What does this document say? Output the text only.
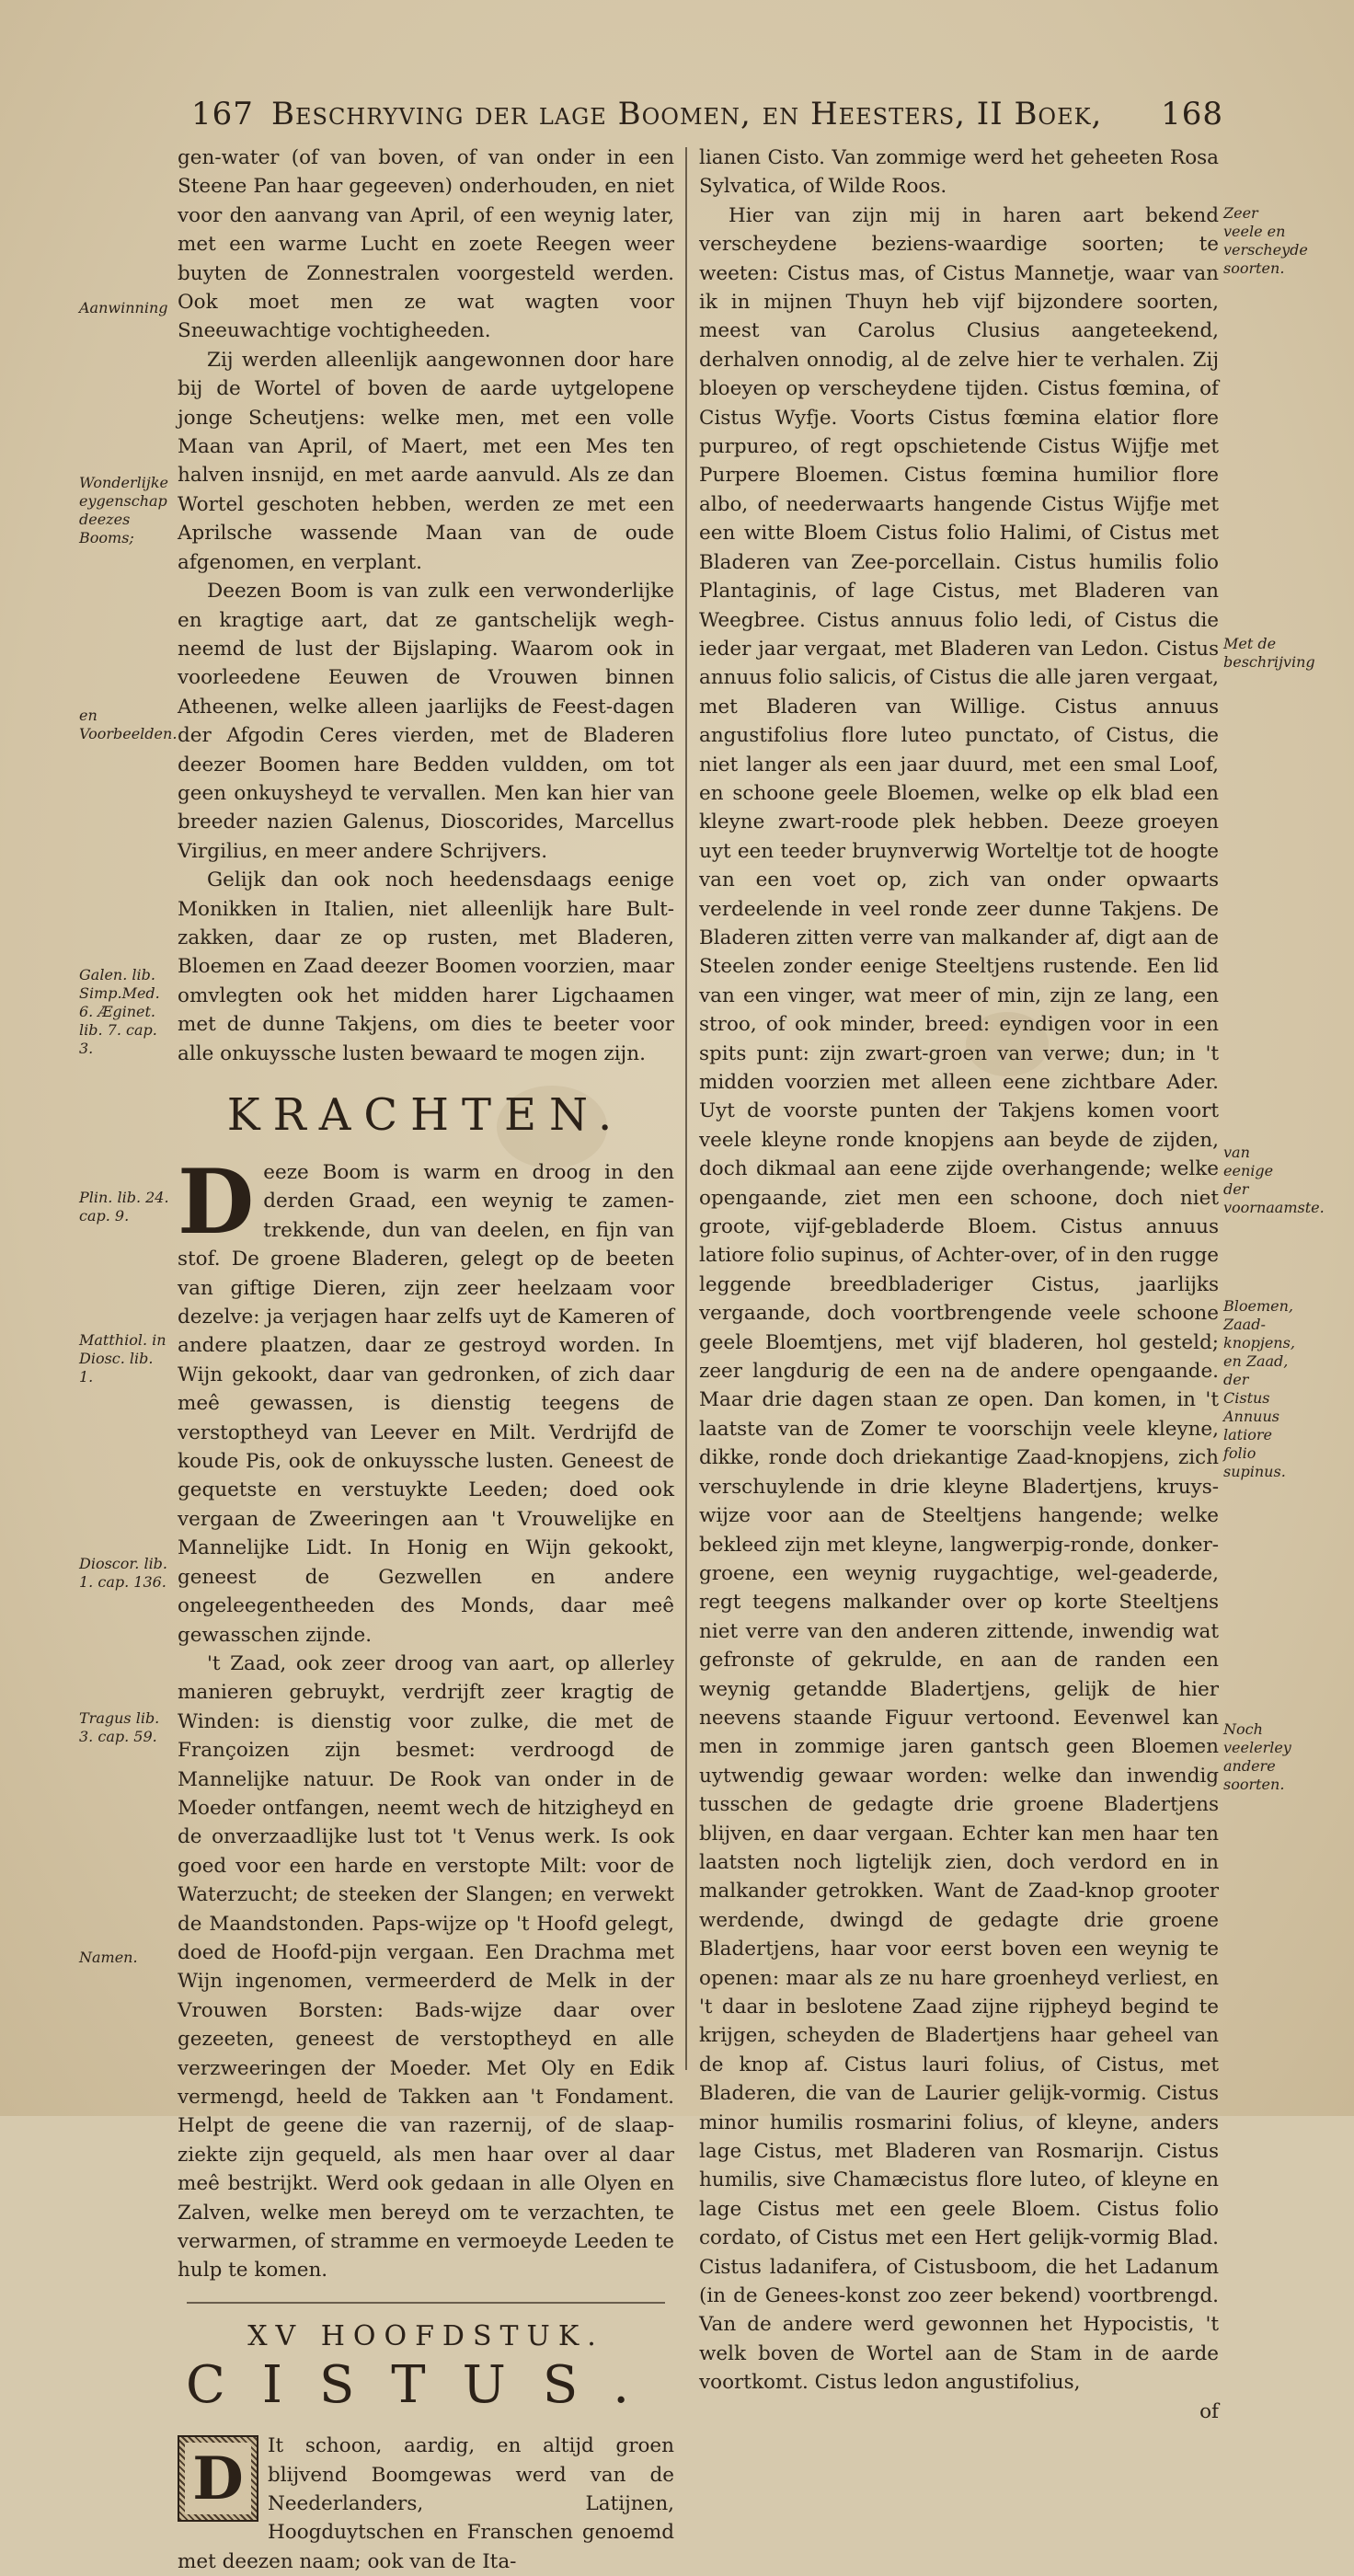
167 Beschryving der lage Boomen, en Heesters, II Boek, 168
Aanwinning
Wonderlijke eygenschap deezes Booms;
en Voorbeelden.
Galen. lib. Simp.Med. 6. Æginet. lib. 7. cap. 3.
Plin. lib. 24. cap. 9.
Matthiol. in Diosc. lib. 1.
Dioscor. lib. 1. cap. 136.
Tragus lib. 3. cap. 59.
Namen.
Zeer veele en verscheyde soorten.
Met de beschrijving
van eenige der voornaamste.
Bloemen, Zaad-knopjens, en Zaad, der Cistus Annuus latiore folio supinus.
Noch veelerley andere soorten.

gen-water (of van boven, of van onder in een Steene Pan haar gegeeven) onderhouden, en niet voor den aanvang van April, of een weynig later, met een warme Lucht en zoete Reegen weer buyten de Zonnestralen voorgesteld werden. Ook moet men ze wat wagten voor Sneeuwachtige vochtigheeden.

Zij werden alleenlijk aangewonnen door hare bij de Wortel of boven de aarde uytgelopene jonge Scheutjens: welke men, met een volle Maan van April, of Maert, met een Mes ten halven insnijd, en met aarde aanvuld. Als ze dan Wortel geschoten hebben, werden ze met een Aprilsche wassende Maan van de oude afgenomen, en verplant.

Deezen Boom is van zulk een verwonderlijke en kragtige aart, dat ze gantschelijk wegh-neemd de lust der Bijslaping. Waarom ook in voorleedene Eeuwen de Vrouwen binnen Atheenen, welke alleen jaarlijks de Feest-dagen der Afgodin Ceres vierden, met de Bladeren deezer Boomen hare Bedden vuldden, om tot geen onkuysheyd te vervallen. Men kan hier van breeder nazien Galenus, Dioscorides, Marcellus Virgilius, en meer andere Schrijvers.

Gelijk dan ook noch heedensdaags eenige Monikken in Italien, niet alleenlijk hare Bult-zakken, daar ze op rusten, met Bladeren, Bloemen en Zaad deezer Boomen voorzien, maar omvlegten ook het midden harer Ligchaamen met de dunne Takjens, om dies te beeter voor alle onkuyssche lusten bewaard te mogen zijn.

KRACHTEN.

D eeze Boom is warm en droog in den derden Graad, een weynig te zamen-trekkende, dun van deelen, en fijn van stof. De groene Bladeren, gelegt op de beeten van giftige Dieren, zijn zeer heelzaam voor dezelve: ja verjagen haar zelfs uyt de Kameren of andere plaatzen, daar ze gestroyd worden. In Wijn gekookt, daar van gedronken, of zich daar meê gewassen, is dienstig teegens de verstoptheyd van Leever en Milt. Verdrijfd de koude Pis, ook de onkuyssche lusten. Geneest de gequetste en verstuykte Leeden; doed ook vergaan de Zweeringen aan 't Vrouwelijke en Mannelijke Lidt. In Honig en Wijn gekookt, geneest de Gezwellen en andere ongeleegentheeden des Monds, daar meê gewasschen zijnde.

't Zaad, ook zeer droog van aart, op allerley manieren gebruykt, verdrijft zeer kragtig de Winden: is dienstig voor zulke, die met de Françoizen zijn besmet: verdroogd de Mannelijke natuur. De Rook van onder in de Moeder ontfangen, neemt wech de hitzigheyd en de onverzaadlijke lust tot 't Venus werk. Is ook goed voor een harde en verstopte Milt: voor de Waterzucht; de steeken der Slangen; en verwekt de Maandstonden. Paps-wijze op 't Hoofd gelegt, doed de Hoofd-pijn vergaan. Een Drachma met Wijn ingenomen, vermeerderd de Melk in der Vrouwen Borsten: Bads-wijze daar over gezeeten, geneest de verstoptheyd en alle verzweeringen der Moeder. Met Oly en Edik vermengd, heeld de Takken aan 't Fondament. Helpt de geene die van razernij, of de slaap-ziekte zijn gequeld, als men haar over al daar meê bestrijkt. Werd ook gedaan in alle Olyen en Zalven, welke men bereyd om te verzachten, te verwarmen, of stramme en vermoeyde Leeden te hulp te komen.

XV HOOFDSTUK.
CISTUS.

D	It schoon, aardig, en altijd groen blijvend Boomgewas werd van de Neederlanders, Latijnen, Hoogduytschen en Franschen genoemd met deezen naam; ook van de Ita-

lianen Cisto. Van zommige werd het geheeten Rosa Sylvatica, of Wilde Roos.

Hier van zijn mij in haren aart bekend verscheydene beziens-waardige soorten; te weeten: Cistus mas, of Cistus Mannetje, waar van ik in mijnen Thuyn heb vijf bijzondere soorten, meest van Carolus Clusius aangeteekend, derhalven onnodig, al de zelve hier te verhalen. Zij bloeyen op verscheydene tijden. Cistus fœmina, of Cistus Wyfje. Voorts Cistus fœmina elatior flore purpureo, of regt opschietende Cistus Wijfje met Purpere Bloemen. Cistus fœmina humilior flore albo, of neederwaarts hangende Cistus Wijfje met een witte Bloem Cistus folio Halimi, of Cistus met Bladeren van Zee-porcellain. Cistus humilis folio Plantaginis, of lage Cistus, met Bladeren van Weegbree. Cistus annuus folio ledi, of Cistus die ieder jaar vergaat, met Bladeren van Ledon. Cistus annuus folio salicis, of Cistus die alle jaren vergaat, met Bladeren van Willige. Cistus annuus angustifolius flore luteo punctato, of Cistus, die niet langer als een jaar duurd, met een smal Loof, en schoone geele Bloemen, welke op elk blad een kleyne zwart-roode plek hebben. Deeze groeyen uyt een teeder bruynverwig Worteltje tot de hoogte van een voet op, zich van onder opwaarts verdeelende in veel ronde zeer dunne Takjens. De Bladeren zitten verre van malkander af, digt aan de Steelen zonder eenige Steeltjens rustende. Een lid van een vinger, wat meer of min, zijn ze lang, een stroo, of ook minder, breed: eyndigen voor in een spits punt: zijn zwart-groen van verwe; dun; in 't midden voorzien met alleen eene zichtbare Ader. Uyt de voorste punten der Takjens komen voort veele kleyne ronde knopjens aan beyde de zijden, doch dikmaal aan eene zijde overhangende; welke opengaande, ziet men een schoone, doch niet groote, vijf-gebladerde Bloem. Cistus annuus latiore folio supinus, of Achter-over, of in den rugge leggende breedbladeriger Cistus, jaarlijks vergaande, doch voortbrengende veele schoone geele Bloemtjens, met vijf bladeren, hol gesteld; zeer langdurig de een na de andere opengaande. Maar drie dagen staan ze open. Dan komen, in 't laatste van de Zomer te voorschijn veele kleyne, dikke, ronde doch driekantige Zaad-knopjens, zich verschuylende in drie kleyne Bladertjens, kruys-wijze voor aan de Steeltjens hangende; welke bekleed zijn met kleyne, langwerpig-ronde, donker-groene, een weynig ruygachtige, wel-geaderde, regt teegens malkander over op korte Steeltjens niet verre van den anderen zittende, inwendig wat gefronste of gekrulde, en aan de randen een weynig getandde Bladertjens, gelijk de hier neevens staande Figuur vertoond. Eevenwel kan men in zommige jaren gantsch geen Bloemen uytwendig gewaar worden: welke dan inwendig tusschen de gedagte drie groene Bladertjens blijven, en daar vergaan. Echter kan men haar ten laatsten noch ligtelijk zien, doch verdord en in malkander getrokken. Want de Zaad-knop grooter werdende, dwingd de gedagte drie groene Bladertjens, haar voor eerst boven een weynig te openen: maar als ze nu hare groenheyd verliest, en 't daar in beslotene Zaad zijne rijpheyd begind te krijgen, scheyden de Bladertjens haar geheel van de knop af. Cistus lauri folius, of Cistus, met Bladeren, die van de Laurier gelijk-vormig. Cistus minor humilis rosmarini folius, of kleyne, anders lage Cistus, met Bladeren van Rosmarijn. Cistus humilis, sive Chamæcistus flore luteo, of kleyne en lage Cistus met een geele Bloem. Cistus folio cordato, of Cistus met een Hert gelijk-vormig Blad. Cistus ladanifera, of Cistusboom, die het Ladanum (in de Genees-konst zoo zeer bekend) voortbrengd. Van de andere werd gewonnen het Hypocistis, 't welk boven de Wortel aan de Stam in de aarde voortkomt. Cistus ledon angustifolius,

of
